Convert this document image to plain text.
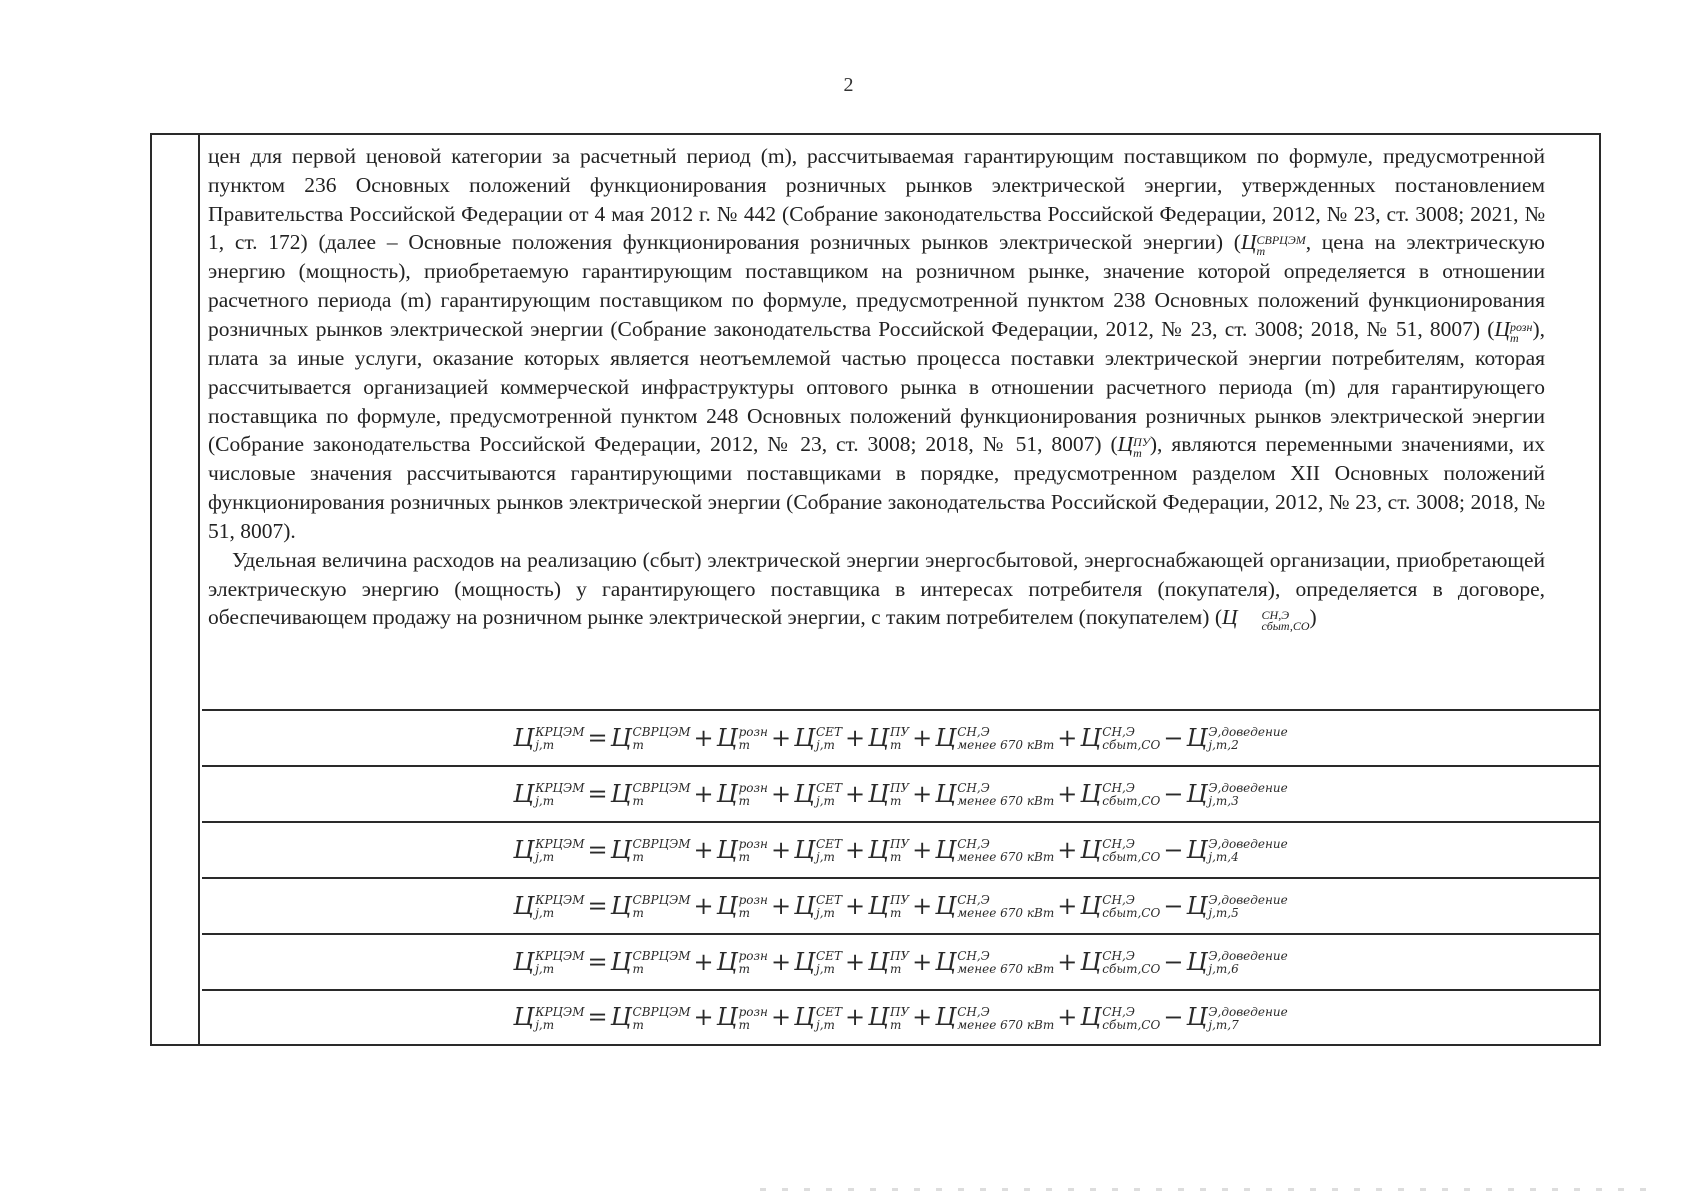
2

цен для первой ценовой категории за расчетный период (m), рассчитываемая гарантирующим поставщиком по формуле, предусмотренной пунктом 236 Основных положений функционирования розничных рынков электрической энергии, утвержденных постановлением Правительства Российской Федерации от 4 мая 2012 г. № 442 (Собрание законодательства Российской Федерации, 2012, № 23, ст. 3008; 2021, № 1, ст. 172) (далее – Основные положения функционирования розничных рынков электрической энергии) (Ц СВРЦЭМ
m	, цена на электрическую энергию (мощность), приобретаемую гарантирующим поставщиком на розничном рынке, значение которой определяется в отношении расчетного периода (m) гарантирующим поставщиком по формуле, предусмотренной пунктом 238 Основных положений функционирования розничных рынков электрической энергии (Собрание законодательства Российской Федерации, 2012, № 23, ст. 3008; 2018, № 51, 8007) (Ц розн
m ), плата за иные услуги, оказание которых является неотъемлемой частью процесса поставки электрической энергии потребителям, которая рассчитывается организацией коммерческой инфраструктуры оптового рынка в отношении расчетного периода (m) для гарантирующего поставщика по формуле, предусмотренной пунктом 248 Основных положений функционирования розничных рынков электрической энергии (Собрание законодательства Российской Федерации, 2012, № 23, ст. 3008; 2018, № 51, 8007) (Ц ПУ
m ), являются переменными значениями, их числовые значения рассчитываются гарантирующими поставщиками в порядке, предусмотренном разделом XII Основных положений функционирования розничных рынков электрической энергии (Собрание законодательства Российской Федерации, 2012, № 23, ст. 3008; 2018, № 51, 8007).

Удельная величина расходов на реализацию (сбыт) электрической энергии энергосбытовой, энергоснабжающей организации, приобретающей электрическую энергию (мощность) у гарантирующего поставщика в интересах потребителя (покупателя), определяется в договоре, обеспечивающем продажу на розничном рынке электрической энергии, с таким потребителем (покупателем) (Ц	СН,Э
сбыт,СО )

Ц КРЦЭМ
j,m	= Ц СВРЦЭМ
m	+ Ц розн
m + Ц СЕТ
j,m + Ц ПУ
m + Ц СН,Э
менее 670 кВт + Ц СН,Э
сбыт,СО − Ц Э,доведение
j,m,2
Ц КРЦЭМ
j,m	= Ц СВРЦЭМ
m	+ Ц розн
m + Ц СЕТ
j,m + Ц ПУ
m + Ц СН,Э
менее 670 кВт + Ц СН,Э
сбыт,СО − Ц Э,доведение
j,m,3
Ц КРЦЭМ
j,m	= Ц СВРЦЭМ
m	+ Ц розн
m + Ц СЕТ
j,m + Ц ПУ
m + Ц СН,Э
менее 670 кВт + Ц СН,Э
сбыт,СО − Ц Э,доведение
j,m,4
Ц КРЦЭМ
j,m	= Ц СВРЦЭМ
m	+ Ц розн
m + Ц СЕТ
j,m + Ц ПУ
m + Ц СН,Э
менее 670 кВт + Ц СН,Э
сбыт,СО − Ц Э,доведение
j,m,5
Ц КРЦЭМ
j,m	= Ц СВРЦЭМ
m	+ Ц розн
m + Ц СЕТ
j,m + Ц ПУ
m + Ц СН,Э
менее 670 кВт + Ц СН,Э
сбыт,СО − Ц Э,доведение
j,m,6
Ц КРЦЭМ
j,m	= Ц СВРЦЭМ
m	+ Ц розн
m + Ц СЕТ
j,m + Ц ПУ
m + Ц СН,Э
менее 670 кВт + Ц СН,Э
сбыт,СО − Ц Э,доведение
j,m,7
